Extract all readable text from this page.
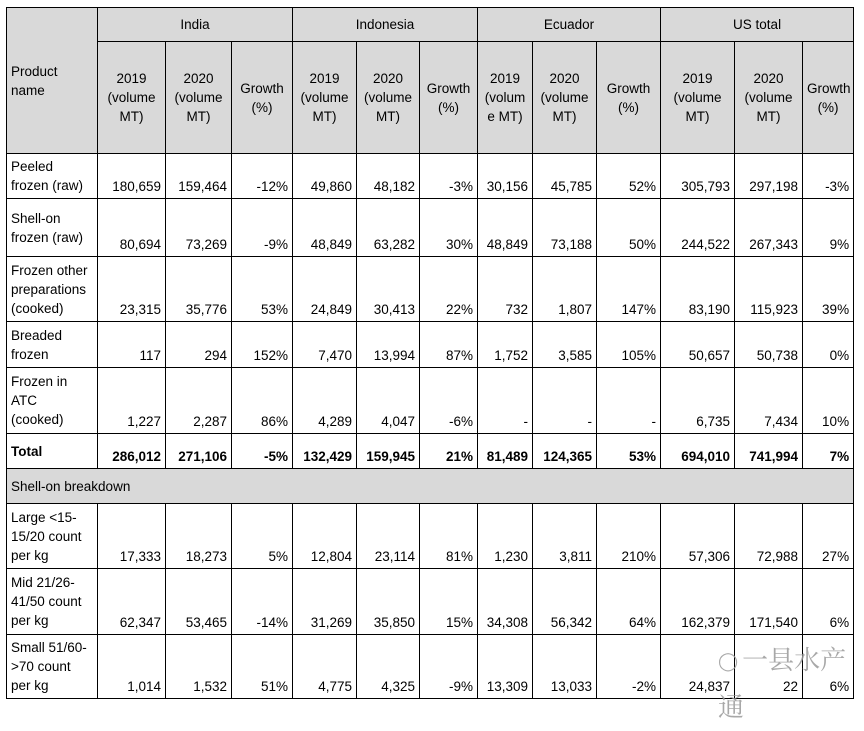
Product name	India			Indonesia			Ecuador			US total		
	2019 (volume MT)	2020 (volume MT)	Growth (%)	2019 (volume MT)	2020 (volume MT)	Growth (%)	2019 (volum e MT)	2020 (volume MT)	Growth (%)	2019 (volume MT)	2020 (volume MT)	Growth (%)
Peeled frozen (raw)	180,659	159,464	-12%	49,860	48,182	-3%	30,156	45,785	52%	305,793	297,198	-3%
Shell-on frozen (raw)	80,694	73,269	-9%	48,849	63,282	30%	48,849	73,188	50%	244,522	267,343	9%
Frozen other preparations (cooked)	23,315	35,776	53%	24,849	30,413	22%	732	1,807	147%	83,190	115,923	39%
Breaded frozen	117	294	152%	7,470	13,994	87%	1,752	3,585	105%	50,657	50,738	0%
Frozen in ATC (cooked)	1,227	2,287	86%	4,289	4,047	-6%	-	-	-	6,735	7,434	10%
Total	286,012	271,106	-5%	132,429	159,945	21%	81,489	124,365	53%	694,010	741,994	7%
Shell-on breakdown												
Large <15-15/20 count per kg	17,333	18,273	5%	12,804	23,114	81%	1,230	3,811	210%	57,306	72,988	27%
Mid 21/26-41/50 count per kg	62,347	53,465	-14%	31,269	35,850	15%	34,308	56,342	64%	162,379	171,540	6%
Small 51/60->70 count per kg	1,014	1,532	51%	4,775	4,325	-9%	13,309	13,033	-2%	24,837	22	6%
◯ 一县水产通
